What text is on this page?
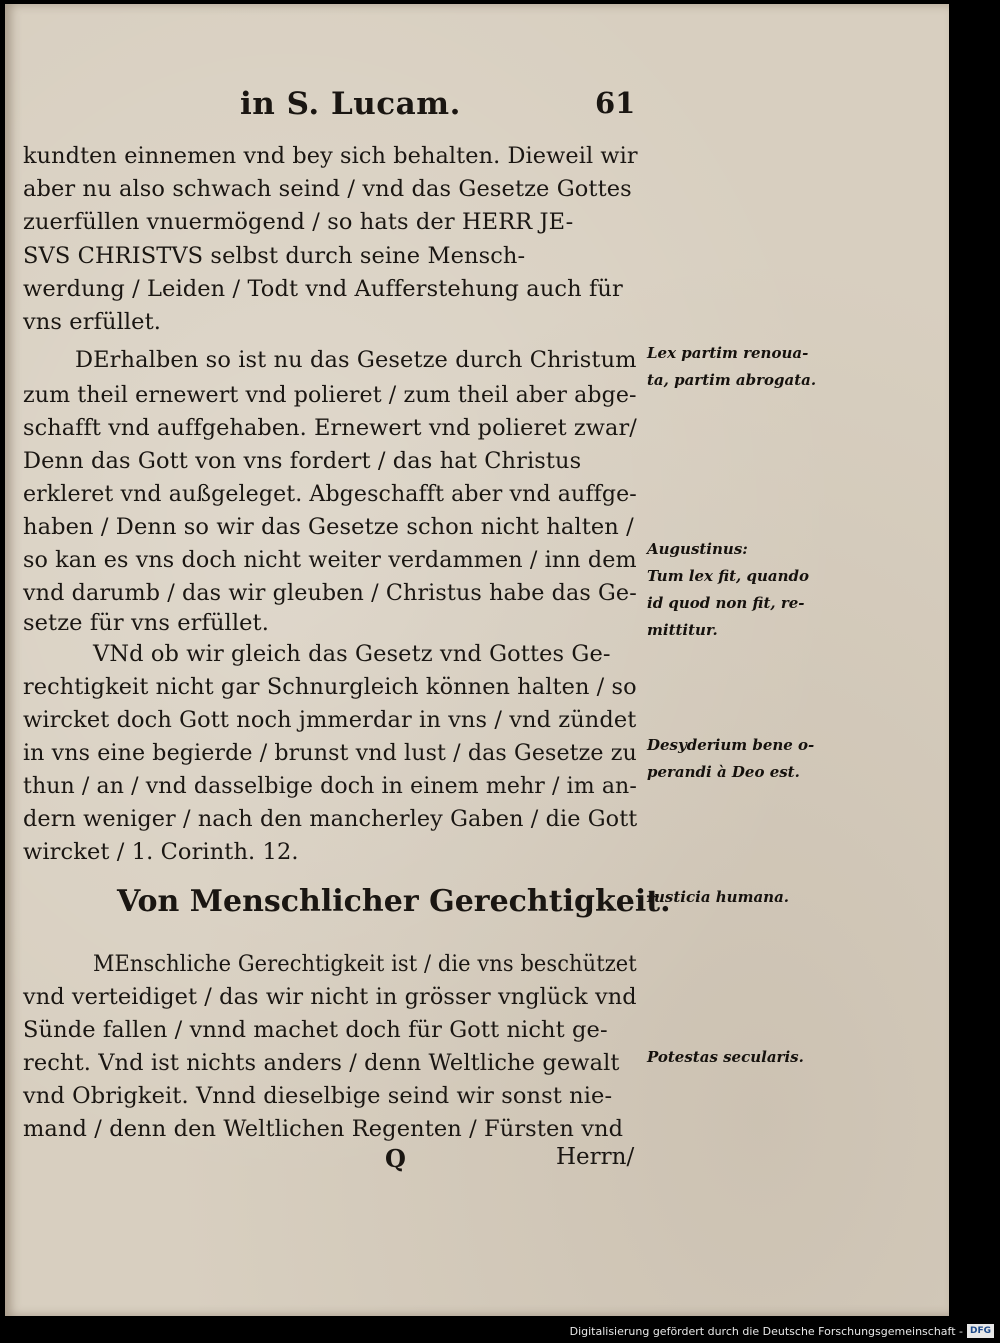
in S. Lucam.	61
kundten einnemen vnd bey sich behalten. Dieweil wir
aber nu also schwach seind / vnd das Gesetze Gottes
zuerfüllen vnuermögend / so hats der HERR JE-
SVS CHRISTVS selbst durch seine Mensch-
werdung / Leiden / Todt vnd Aufferstehung auch für
vns erfüllet.
DErhalben so ist nu das Gesetze durch Christum
zum theil ernewert vnd polieret / zum theil aber abge-
schafft vnd auffgehaben. Ernewert vnd polieret zwar/
Denn das Gott von vns fordert / das hat Christus
erkleret vnd außgeleget. Abgeschafft aber vnd auffge-
haben / Denn so wir das Gesetze schon nicht halten /
so kan es vns doch nicht weiter verdammen / inn dem
vnd darumb / das wir gleuben / Christus habe das Ge-
setze für vns erfüllet.
VNd ob wir gleich das Gesetz vnd Gottes Ge-
rechtigkeit nicht gar Schnurgleich können halten / so
wircket doch Gott noch jmmerdar in vns / vnd zündet
in vns eine begierde / brunst vnd lust / das Gesetze zu
thun / an / vnd dasselbige doch in einem mehr / im an-
dern weniger / nach den mancherley Gaben / die Gott
wircket / 1. Corinth. 12.
Von Menschlicher Gerechtigkeit.
MEnschliche Gerechtigkeit ist / die vns beschützet
vnd verteidiget / das wir nicht in grösser vnglück vnd
Sünde fallen / vnnd machet doch für Gott nicht ge-
recht. Vnd ist nichts anders / denn Weltliche gewalt
vnd Obrigkeit. Vnnd dieselbige seind wir sonst nie-
mand / denn den Weltlichen Regenten / Fürsten vnd
Q	Herrn/
Lex partim renoua-
ta, partim abrogata.
Augustinus:
Tum lex fit, quando
id quod non fit, re-
mittitur.
Desyderium bene o-
perandi à Deo est.
Iusticia humana.
Potestas secularis.
Digitalisierung gefördert durch die Deutsche Forschungsgemeinschaft - DFG
